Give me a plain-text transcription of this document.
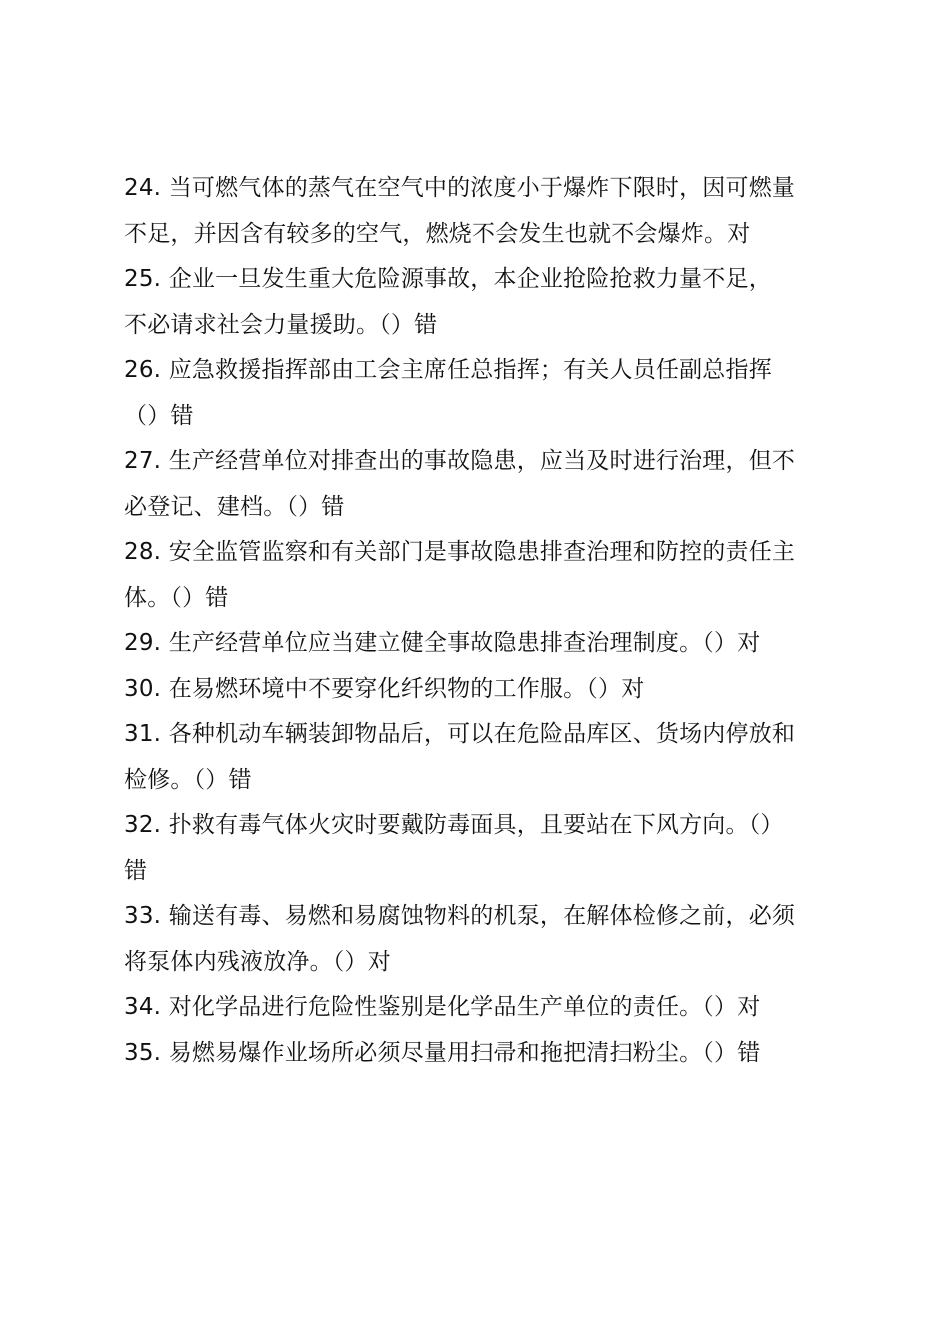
24. 当可燃气体的蒸气在空气中的浓度小于爆炸下限时，因可燃量
不足，并因含有较多的空气，燃烧不会发生也就不会爆炸。对
25. 企业一旦发生重大危险源事故，本企业抢险抢救力量不足，
不必请求社会力量援助。（）错
26. 应急救援指挥部由工会主席任总指挥；有关人员任副总指挥
（）错
27. 生产经营单位对排查出的事故隐患，应当及时进行治理，但不
必登记、建档。（）错
28. 安全监管监察和有关部门是事故隐患排查治理和防控的责任主
体。（）错
29. 生产经营单位应当建立健全事故隐患排查治理制度。（）对
30. 在易燃环境中不要穿化纤织物的工作服。（）对
31. 各种机动车辆装卸物品后，可以在危险品库区、货场内停放和
检修。（）错
32. 扑救有毒气体火灾时要戴防毒面具，且要站在下风方向。（）
错
33. 输送有毒、易燃和易腐蚀物料的机泵，在解体检修之前，必须
将泵体内残液放净。（）对
34. 对化学品进行危险性鉴别是化学品生产单位的责任。（）对
35. 易燃易爆作业场所必须尽量用扫帚和拖把清扫粉尘。（）错
